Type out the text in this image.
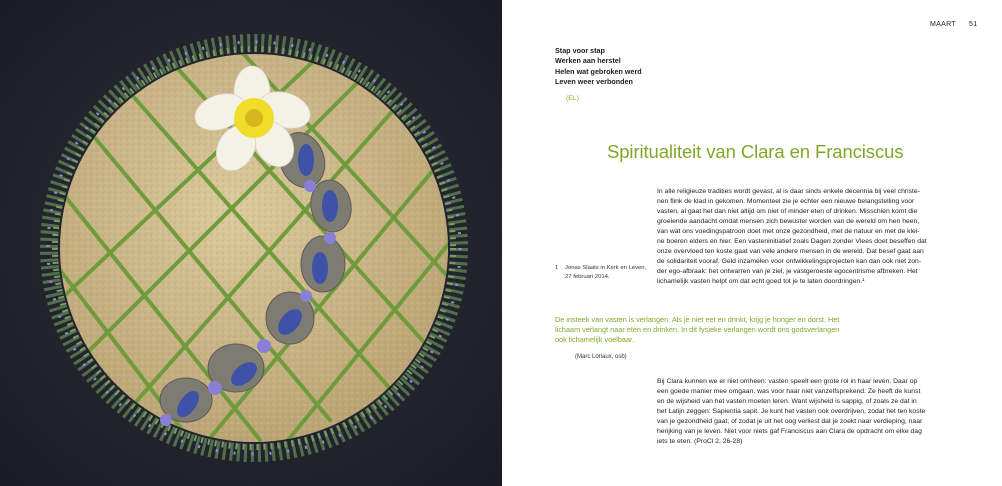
MAART 51
Stap voor stap
Werken aan herstel
Helen wat gebroken werd
Leven weer verbonden
(EL)
Spiritualiteit van Clara en Franciscus
In alle religieuze tradities wordt gevast, al is daar sinds enkele decennia bij veel christe-
nen flink de klad in gekomen. Momenteel zie je echter een nieuwe belangstelling voor
vasten, al gaat het dan niet altijd om niet of minder eten of drinken. Misschien komt die
groeiende aandacht omdat mensen zich bewuster worden van de wereld om hen heen,
van wat ons voedingspatroon doet met onze gezondheid, met de natuur en met de klei-
ne boeren elders en hier. Een vasteninitiatief zoals Dagen zonder Vlees doet beseffen dat
onze overvloed ten koste gaat van vele andere mensen in de wereld. Dat besef gaat aan
de solidariteit vooraf. Geld inzamelen voor ontwikkelingsprojecten kan dan ook niet zon-
der ego-afbraak: het ontwarren van je ziel, je vastgeroeste egocentrisme afbreken. Het
lichamelijk vasten helpt om dat echt goed tot je te laten doordringen.¹
1 Jonas Slaats in Kerk en Leven,
27 februari 2014.
De insteek van vasten is verlangen. Als je niet eet en drinkt, krijg je honger en dorst. Het
lichaam verlangt naar eten en drinken. In dit fysieke verlangen wordt ons godsverlangen
ook lichamelijk voelbaar.
(Marc Loriaux, osb)
Bij Clara kunnen we er niet omheen: vasten speelt een grote rol in haar leven. Daar op
een goede manier mee omgaan, was voor haar niet vanzelfsprekend. Ze heeft de kunst
en de wijsheid van het vasten moeten leren. Want wijsheid is sappig, of zoals ze dat in
het Latijn zeggen: Sapientia sapit. Je kunt het vasten ook overdrijven, zodat het ten koste
van je gezondheid gaat; of zodat je uit het oog verliest dat je zoekt naar verdieping, naar
herijking van je leven. Niet voor niets gaf Franciscus aan Clara de opdracht om elke dag
iets te eten. (ProCl 2, 26-28)
